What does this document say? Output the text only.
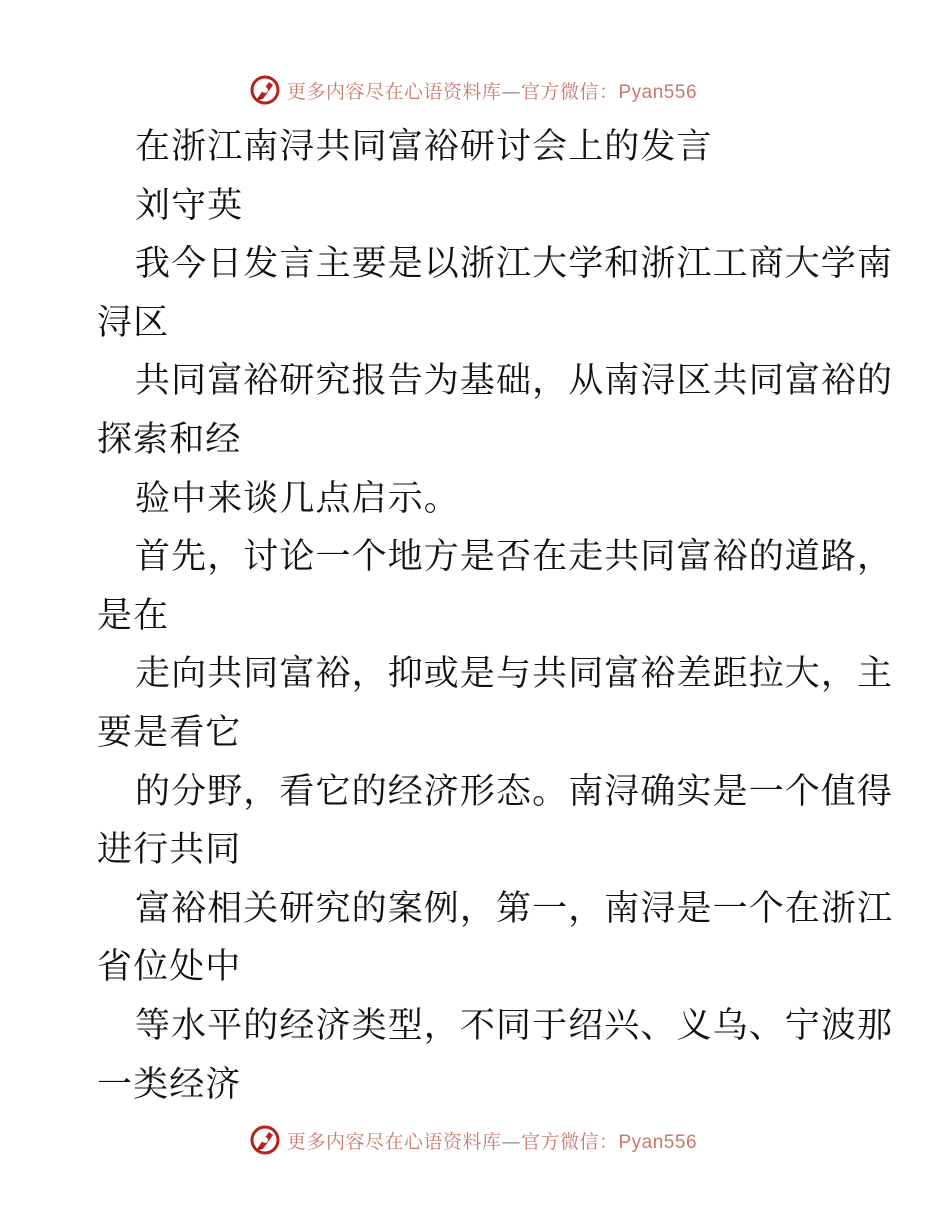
更多内容尽在心语资料库—官方微信：Pyan556
在浙江南浔共同富裕研讨会上的发言
刘守英
我今日发言主要是以浙江大学和浙江工商大学南
浔区
共同富裕研究报告为基础，从南浔区共同富裕的
探索和经
验中来谈几点启示。
首先，讨论一个地方是否在走共同富裕的道路，
是在
走向共同富裕，抑或是与共同富裕差距拉大，主
要是看它
的分野，看它的经济形态。南浔确实是一个值得
进行共同
富裕相关研究的案例，第一，南浔是一个在浙江
省位处中
等水平的经济类型，不同于绍兴、义乌、宁波那
一类经济
更多内容尽在心语资料库—官方微信：Pyan556
